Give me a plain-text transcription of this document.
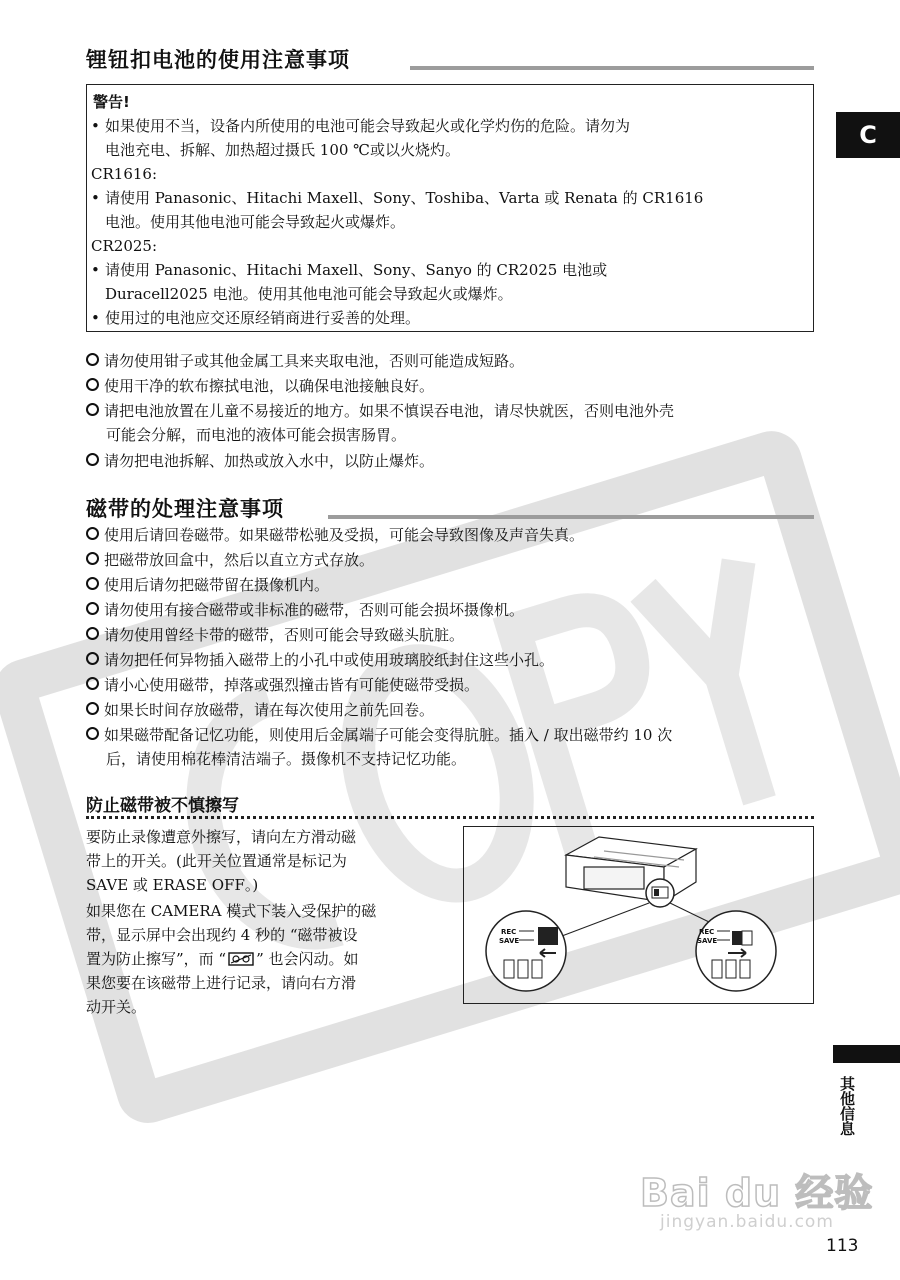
锂钮扣电池的使用注意事项
警告!
• 如果使用不当，设备内所使用的电池可能会导致起火或化学灼伤的危险。请勿为
电池充电、拆解、加热超过摄氏 100 ℃或以火烧灼。
CR1616:
• 请使用 Panasonic、Hitachi Maxell、Sony、Toshiba、Varta 或 Renata 的 CR1616
电池。使用其他电池可能会导致起火或爆炸。
CR2025:
• 请使用 Panasonic、Hitachi Maxell、Sony、Sanyo 的 CR2025 电池或
Duracell2025 电池。使用其他电池可能会导致起火或爆炸。
• 使用过的电池应交还原经销商进行妥善的处理。
请勿使用钳子或其他金属工具来夹取电池，否则可能造成短路。
使用干净的软布擦拭电池，以确保电池接触良好。
请把电池放置在儿童不易接近的地方。如果不慎误吞电池，请尽快就医，否则电池外壳
可能会分解，而电池的液体可能会损害肠胃。
请勿把电池拆解、加热或放入水中，以防止爆炸。
磁带的处理注意事项
使用后请回卷磁带。如果磁带松驰及受损，可能会导致图像及声音失真。
把磁带放回盒中，然后以直立方式存放。
使用后请勿把磁带留在摄像机内。
请勿使用有接合磁带或非标准的磁带，否则可能会损坏摄像机。
请勿使用曾经卡带的磁带，否则可能会导致磁头肮脏。
请勿把任何异物插入磁带上的小孔中或使用玻璃胶纸封住这些小孔。
请小心使用磁带，掉落或强烈撞击皆有可能使磁带受损。
如果长时间存放磁带，请在每次使用之前先回卷。
如果磁带配备记忆功能，则使用后金属端子可能会变得肮脏。插入 / 取出磁带约 10 次
后，请使用棉花棒清洁端子。摄像机不支持记忆功能。
防止磁带被不慎擦写
要防止录像遭意外擦写，请向左方滑动磁
带上的开关。(此开关位置通常是标记为
SAVE 或 ERASE OFF。)
如果您在 CAMERA 模式下装入受保护的磁
带，显示屏中会出现约 4 秒的 “磁带被设
置为防止擦写”，而 “ ” 也会闪动。如
果您要在该磁带上进行记录，请向右方滑
动开关。
REC
SAVE
REC
SAVE
C
其他信息
Bai du 经验
jingyan.baidu.com
113
